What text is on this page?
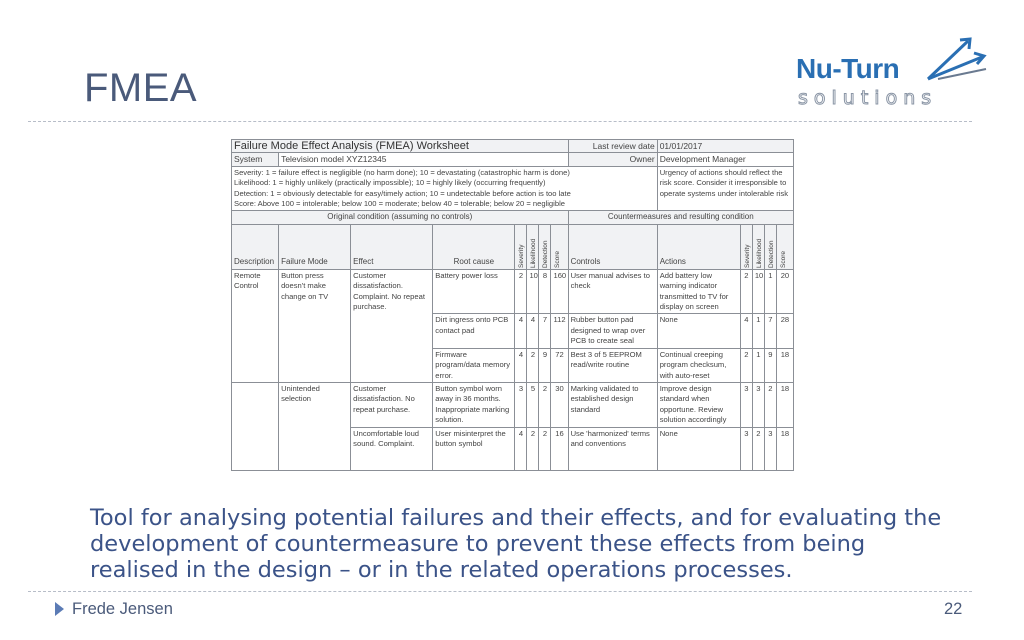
FMEA	Nu-Turn
solutions
Failure Mode Effect Analysis (FMEA) Worksheet								Last review date	01/01/2017				
System	Television model XYZ12345							Owner	Development Manager				
Severity: 1 = failure effect is negligible (no harm done); 10 = devastating (catastrophic harm is done)
Likelihood: 1 = highly unlikely (practically impossible); 10 = highly likely (occurring frequently)
Detection: 1 = obviously detectable for easy/timely action; 10 = undetectable before action is too late
Score: Above 100 = intolerable; below 100 = moderate; below 40 = tolerable; below 20 = negligible									Urgency of actions should reflect the risk score. Consider it irresponsible to operate systems under intolerable risk				
Original condition (assuming no controls)								Countermeasures and resulting condition					
Description	Failure Mode	Effect	Root cause	Severity	Likelihood	Detection	Score	Controls	Actions	Severity	Likelihood	Detection	Score

Remote Control	Button press doesn't make change on TV	Customer dissatisfaction. Complaint. No repeat purchase.	Battery power loss	2	10	8	160	User manual advises to check	Add battery low warning indicator transmitted to TV for display on screen	2	10	1	20
			Dirt ingress onto PCB contact pad	4	4	7	112	Rubber button pad designed to wrap over PCB to create seal	None	4	1	7	28
			Firmware program/data memory error.	4	2	9	72	Best 3 of 5 EEPROM read/write routine	Continual creeping program checksum, with auto-reset	2	1	9	18
	Unintended selection	Customer dissatisfaction. No repeat purchase.	Button symbol worn away in 36 months. Inappropriate marking solution.	3	5	2	30	Marking validated to established design standard	Improve design standard when opportune. Review solution accordingly	3	3	2	18
		Uncomfortable loud sound. Complaint.	User misinterpret the button symbol	4	2	2	16	Use 'harmonized' terms and conventions	None	3	2	3	18
Tool for analysing potential failures and their effects, and for evaluating the development of countermeasure to prevent these effects from being realised in the design – or in the related operations processes.
Frede Jensen	22
